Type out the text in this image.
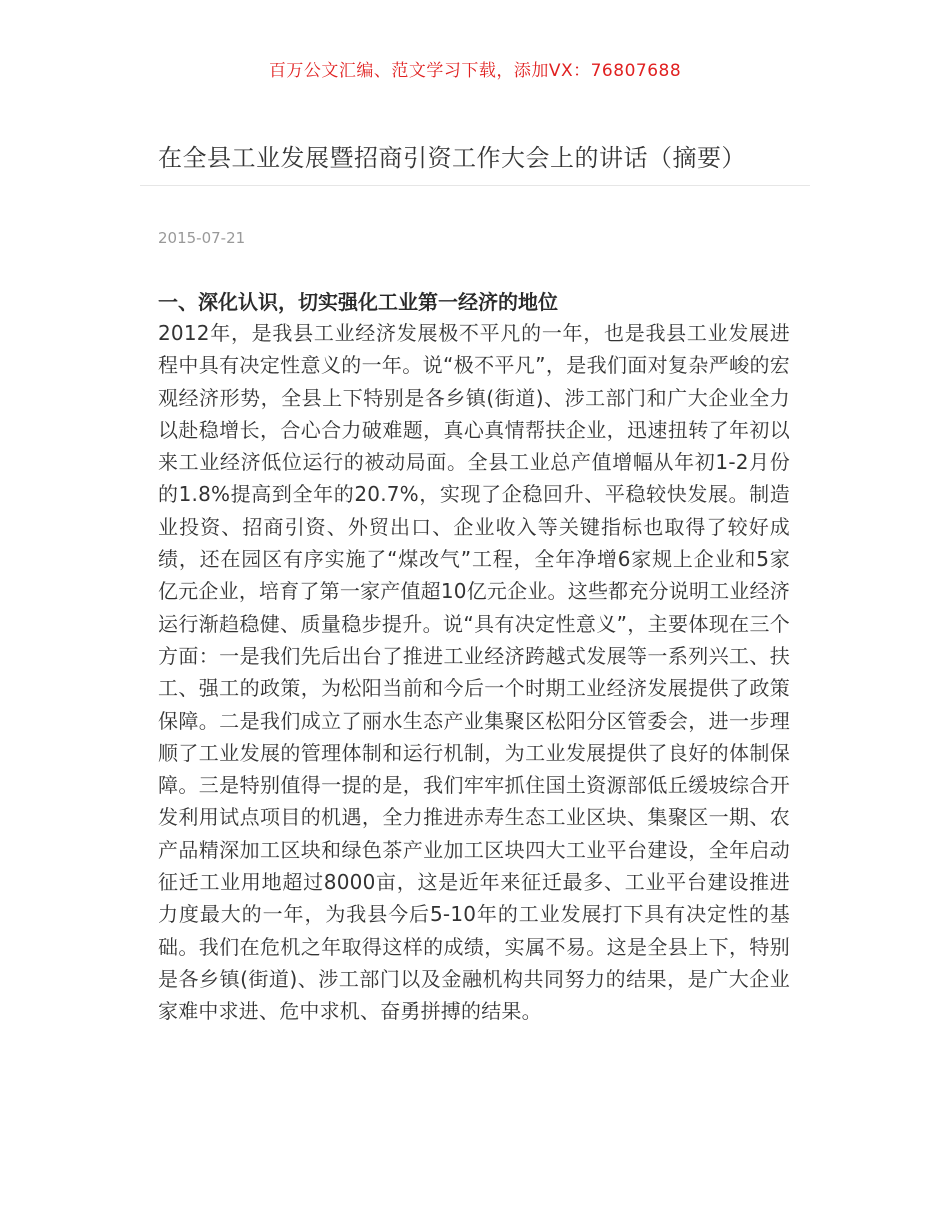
百万公文汇编、范文学习下载，添加VX：76807688
在全县工业发展暨招商引资工作大会上的讲话（摘要）
2015-07-21

一、深化认识，切实强化工业第一经济的地位

2012年，是我县工业经济发展极不平凡的一年，也是我县工业发展进程中具有决定性意义的一年。说“极不平凡”，是我们面对复杂严峻的宏观经济形势，全县上下特别是各乡镇(街道)、涉工部门和广大企业全力以赴稳增长，合心合力破难题，真心真情帮扶企业，迅速扭转了年初以来工业经济低位运行的被动局面。全县工业总产值增幅从年初1-2月份的1.8%提高到全年的20.7%，实现了企稳回升、平稳较快发展。制造业投资、招商引资、外贸出口、企业收入等关键指标也取得了较好成绩，还在园区有序实施了“煤改气”工程，全年净增6家规上企业和5家亿元企业，培育了第一家产值超10亿元企业。这些都充分说明工业经济运行渐趋稳健、质量稳步提升。说“具有决定性意义”，主要体现在三个方面：一是我们先后出台了推进工业经济跨越式发展等一系列兴工、扶工、强工的政策，为松阳当前和今后一个时期工业经济发展提供了政策保障。二是我们成立了丽水生态产业集聚区松阳分区管委会，进一步理顺了工业发展的管理体制和运行机制，为工业发展提供了良好的体制保障。三是特别值得一提的是，我们牢牢抓住国土资源部低丘缓坡综合开发利用试点项目的机遇，全力推进赤寿生态工业区块、集聚区一期、农产品精深加工区块和绿色茶产业加工区块四大工业平台建设，全年启动征迁工业用地超过8000亩，这是近年来征迁最多、工业平台建设推进力度最大的一年，为我县今后5-10年的工业发展打下具有决定性的基础。我们在危机之年取得这样的成绩，实属不易。这是全县上下，特别是各乡镇(街道)、涉工部门以及金融机构共同努力的结果，是广大企业家难中求进、危中求机、奋勇拼搏的结果。
